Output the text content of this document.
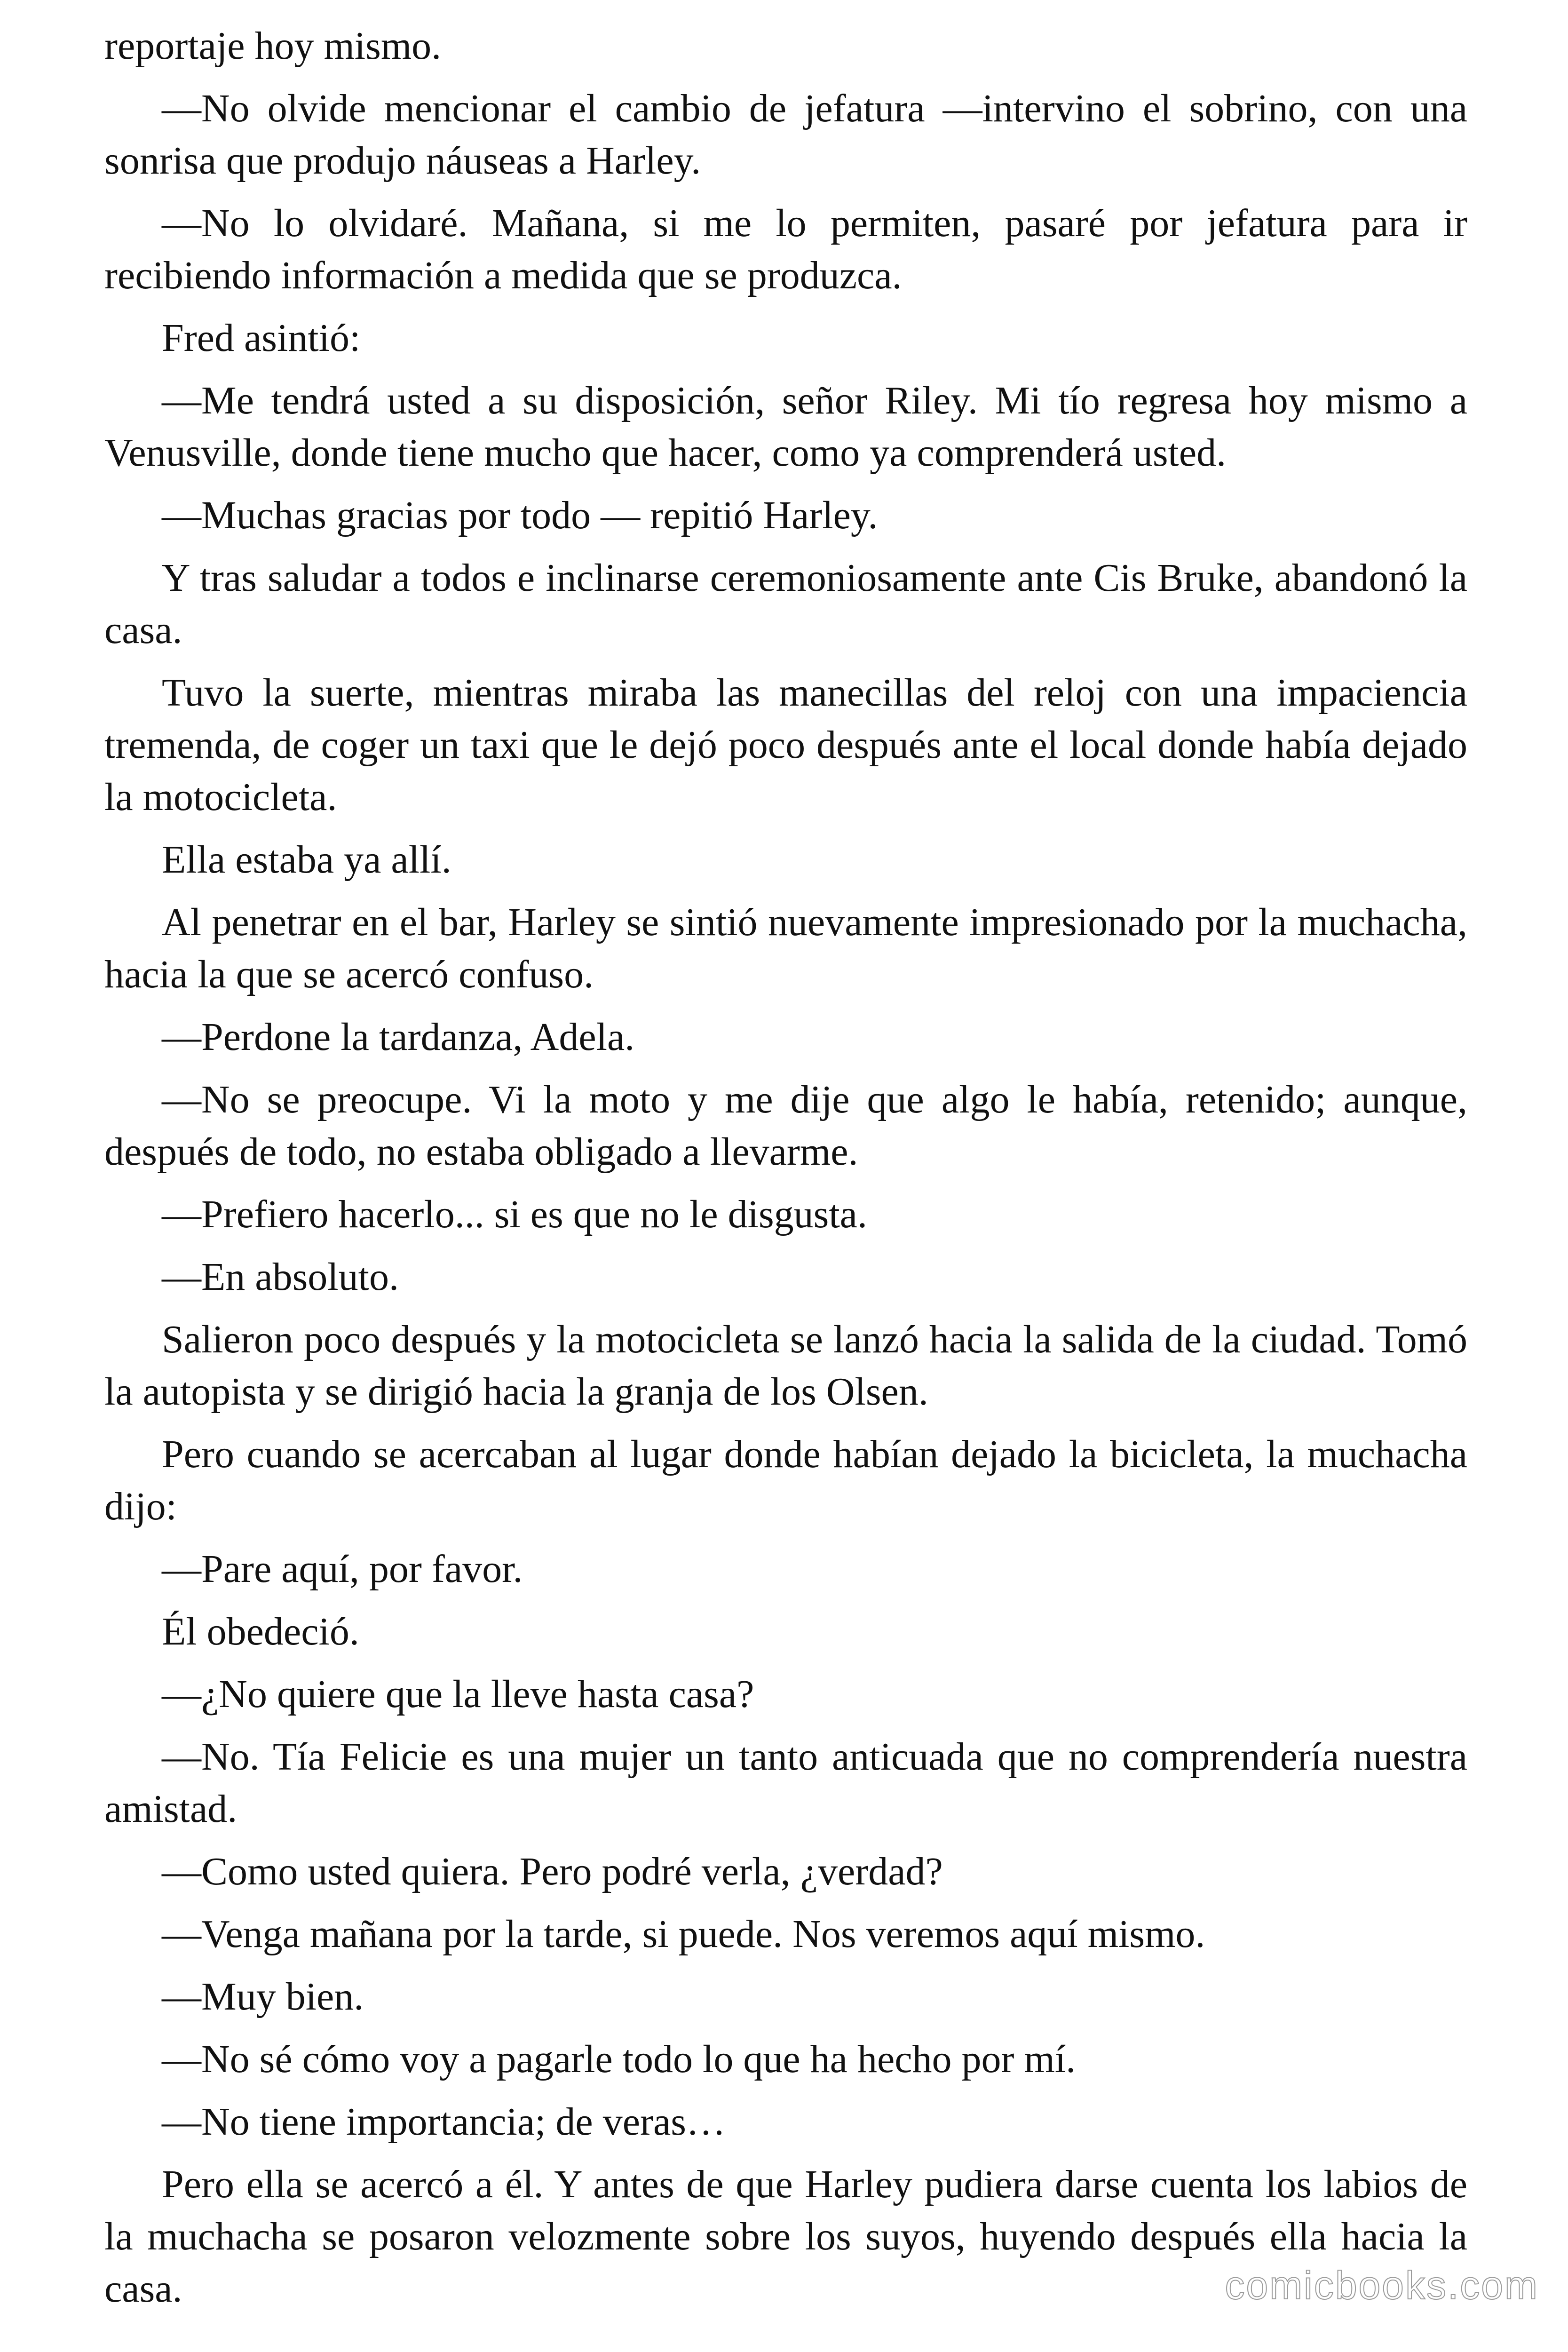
reportaje hoy mismo.

—No olvide mencionar el cambio de jefatura —intervino el sobrino, con una sonrisa que produjo náuseas a Harley.

—No lo olvidaré. Mañana, si me lo permiten, pasaré por jefatura para ir recibiendo información a medida que se produzca.

Fred asintió:

—Me tendrá usted a su disposición, señor Riley. Mi tío regresa hoy mismo a Venusville, donde tiene mucho que hacer, como ya comprenderá usted.

—Muchas gracias por todo — repitió Harley.

Y tras saludar a todos e inclinarse ceremoniosamente ante Cis Bruke, abandonó la casa.

Tuvo la suerte, mientras miraba las manecillas del reloj con una impaciencia tremenda, de coger un taxi que le dejó poco después ante el local donde había dejado la motocicleta.

Ella estaba ya allí.

Al penetrar en el bar, Harley se sintió nuevamente impresionado por la muchacha, hacia la que se acercó confuso.

—Perdone la tardanza, Adela.

—No se preocupe. Vi la moto y me dije que algo le había, retenido; aunque, después de todo, no estaba obligado a llevarme.

—Prefiero hacerlo... si es que no le disgusta.

—En absoluto.

Salieron poco después y la motocicleta se lanzó hacia la salida de la ciudad. Tomó la autopista y se dirigió hacia la granja de los Olsen.

Pero cuando se acercaban al lugar donde habían dejado la bicicleta, la muchacha dijo:

—Pare aquí, por favor.

Él obedeció.

—¿No quiere que la lleve hasta casa?

—No. Tía Felicie es una mujer un tanto anticuada que no comprendería nuestra amistad.

—Como usted quiera. Pero podré verla, ¿verdad?

—Venga mañana por la tarde, si puede. Nos veremos aquí mismo.

—Muy bien.

—No sé cómo voy a pagarle todo lo que ha hecho por mí.

—No tiene importancia; de veras…

Pero ella se acercó a él. Y antes de que Harley pudiera darse cuenta los labios de la muchacha se posaron velozmente sobre los suyos, huyendo después ella hacia la casa.	comicbooks.com
